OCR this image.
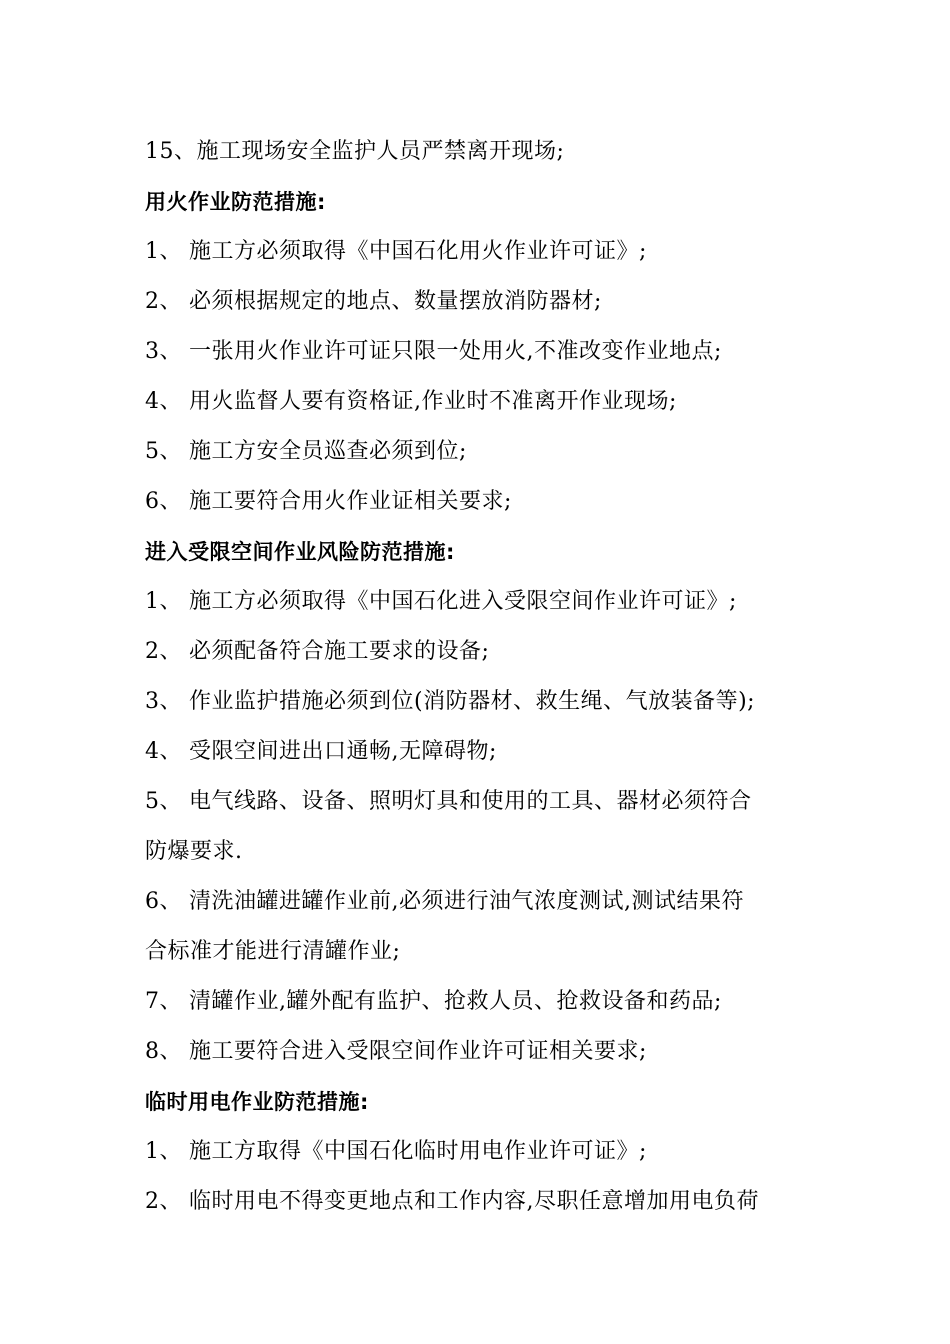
15、施工现场安全监护人员严禁离开现场;
用火作业防范措施:
1、 施工方必须取得《中国石化用火作业许可证》;
2、 必须根据规定的地点、数量摆放消防器材;
3、 一张用火作业许可证只限一处用火,不准改变作业地点;
4、 用火监督人要有资格证,作业时不准离开作业现场;
5、 施工方安全员巡查必须到位;
6、 施工要符合用火作业证相关要求;
进入受限空间作业风险防范措施:
1、 施工方必须取得《中国石化进入受限空间作业许可证》;
2、 必须配备符合施工要求的设备;
3、 作业监护措施必须到位(消防器材、救生绳、气放装备等);
4、 受限空间进出口通畅,无障碍物;
5、 电气线路、设备、照明灯具和使用的工具、器材必须符合
防爆要求.
6、 清洗油罐进罐作业前,必须进行油气浓度测试,测试结果符
合标准才能进行清罐作业;
7、 清罐作业,罐外配有监护、抢救人员、抢救设备和药品;
8、 施工要符合进入受限空间作业许可证相关要求;
临时用电作业防范措施:
1、 施工方取得《中国石化临时用电作业许可证》;
2、 临时用电不得变更地点和工作内容,尽职任意增加用电负荷
